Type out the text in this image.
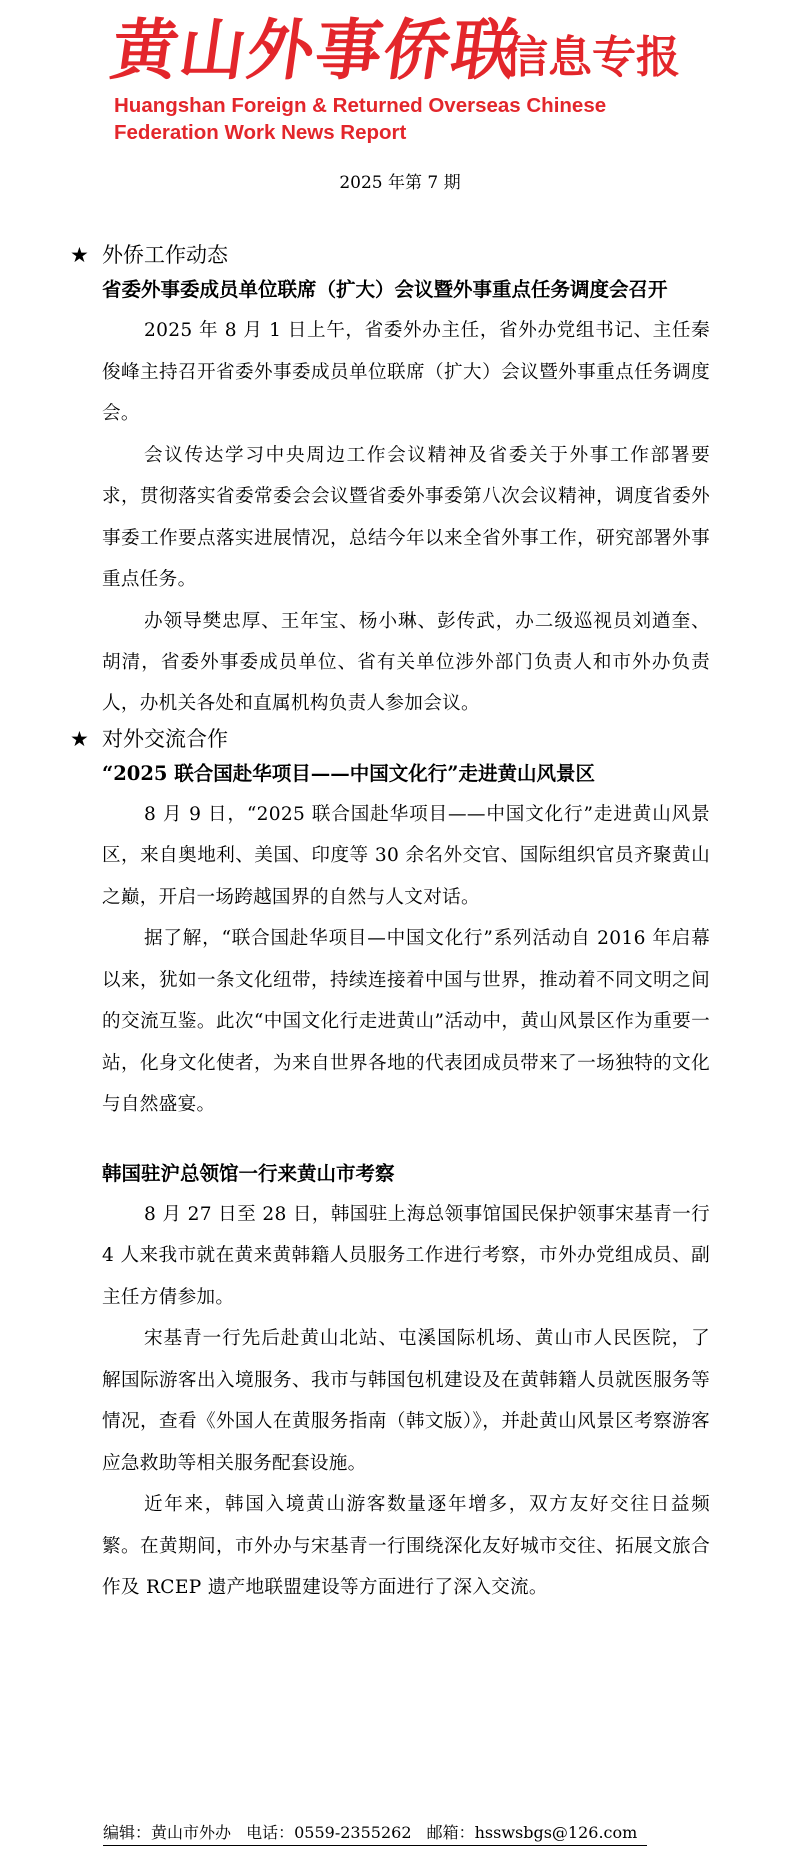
黄山外事侨联
信息专报
Huangshan Foreign & Returned Overseas Chinese
Federation Work News Report
2025 年第 7 期
★ 外侨工作动态
省委外事委成员单位联席（扩大）会议暨外事重点任务调度会召开
2025 年 8 月 1 日上午，省委外办主任，省外办党组书记、主任秦俊峰主持召开省委外事委成员单位联席（扩大）会议暨外事重点任务调度会。
会议传达学习中央周边工作会议精神及省委关于外事工作部署要求，贯彻落实省委常委会会议暨省委外事委第八次会议精神，调度省委外事委工作要点落实进展情况，总结今年以来全省外事工作，研究部署外事重点任务。
办领导樊忠厚、王年宝、杨小琳、彭传武，办二级巡视员刘遒奎、胡清，省委外事委成员单位、省有关单位涉外部门负责人和市外办负责人，办机关各处和直属机构负责人参加会议。
★ 对外交流合作
“2025 联合国赴华项目——中国文化行”走进黄山风景区
8 月 9 日，“2025 联合国赴华项目——中国文化行”走进黄山风景区，来自奥地利、美国、印度等 30 余名外交官、国际组织官员齐聚黄山之巅，开启一场跨越国界的自然与人文对话。
据了解，“联合国赴华项目—中国文化行”系列活动自 2016 年启幕以来，犹如一条文化纽带，持续连接着中国与世界，推动着不同文明之间的交流互鉴。此次“中国文化行走进黄山”活动中，黄山风景区作为重要一站，化身文化使者，为来自世界各地的代表团成员带来了一场独特的文化与自然盛宴。
韩国驻沪总领馆一行来黄山市考察
8 月 27 日至 28 日，韩国驻上海总领事馆国民保护领事宋基青一行 4 人来我市就在黄来黄韩籍人员服务工作进行考察，市外办党组成员、副主任方倩参加。
宋基青一行先后赴黄山北站、屯溪国际机场、黄山市人民医院，了解国际游客出入境服务、我市与韩国包机建设及在黄韩籍人员就医服务等情况，查看《外国人在黄服务指南（韩文版）》，并赴黄山风景区考察游客应急救助等相关服务配套设施。
近年来，韩国入境黄山游客数量逐年增多，双方友好交往日益频繁。在黄期间，市外办与宋基青一行围绕深化友好城市交往、拓展文旅合作及 RCEP 遗产地联盟建设等方面进行了深入交流。
编辑：黄山市外办 电话：0559-2355262 邮箱：hsswsbgs@126.com
